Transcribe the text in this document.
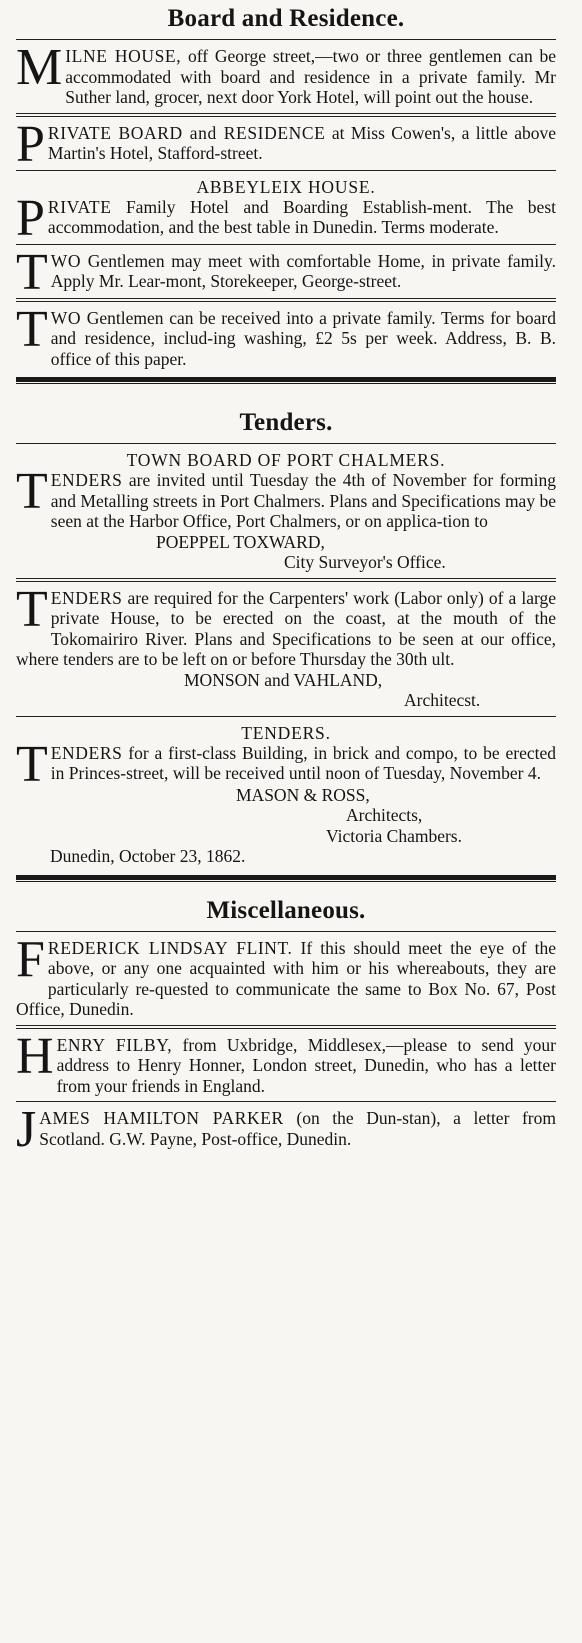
Board and Residence.

MILNE HOUSE, off George street,—two or three gentlemen can be accommodated with board and residence in a private family. Mr Suther land, grocer, next door York Hotel, will point out the house.

PRIVATE BOARD and RESIDENCE at Miss Cowen's, a little above Martin's Hotel, Stafford-street.

ABBEYLEIX HOUSE.

PRIVATE Family Hotel and Boarding Establish-ment. The best accommodation, and the best table in Dunedin. Terms moderate.

TWO Gentlemen may meet with comfortable Home, in private family. Apply Mr. Lear-mont, Storekeeper, George-street.

TWO Gentlemen can be received into a private family. Terms for board and residence, includ-ing washing, £2 5s per week. Address, B. B. office of this paper.

Tenders.

TOWN BOARD OF PORT CHALMERS.

TENDERS are invited until Tuesday the 4th of November for forming and Metalling streets in Port Chalmers. Plans and Specifications may be seen at the Harbor Office, Port Chalmers, or on applica-tion to

POEPPEL TOXWARD,

City Surveyor's Office.

TENDERS are required for the Carpenters' work (Labor only) of a large private House, to be erected on the coast, at the mouth of the Tokomairiro River. Plans and Specifications to be seen at our office, where tenders are to be left on or before Thursday the 30th ult.

MONSON and VAHLAND,

Architecst.

TENDERS.

TENDERS for a first-class Building, in brick and compo, to be erected in Princes-street, will be received until noon of Tuesday, November 4.

MASON & ROSS,

Architects,

Victoria Chambers.

Dunedin, October 23, 1862.

Miscellaneous.

FREDERICK LINDSAY FLINT. If this should meet the eye of the above, or any one acquainted with him or his whereabouts, they are particularly re-quested to communicate the same to Box No. 67, Post Office, Dunedin.

HENRY FILBY, from Uxbridge, Middlesex,—please to send your address to Henry Honner, London street, Dunedin, who has a letter from your friends in England.

JAMES HAMILTON PARKER (on the Dun-stan), a letter from Scotland. G.W. Payne, Post-office, Dunedin.
